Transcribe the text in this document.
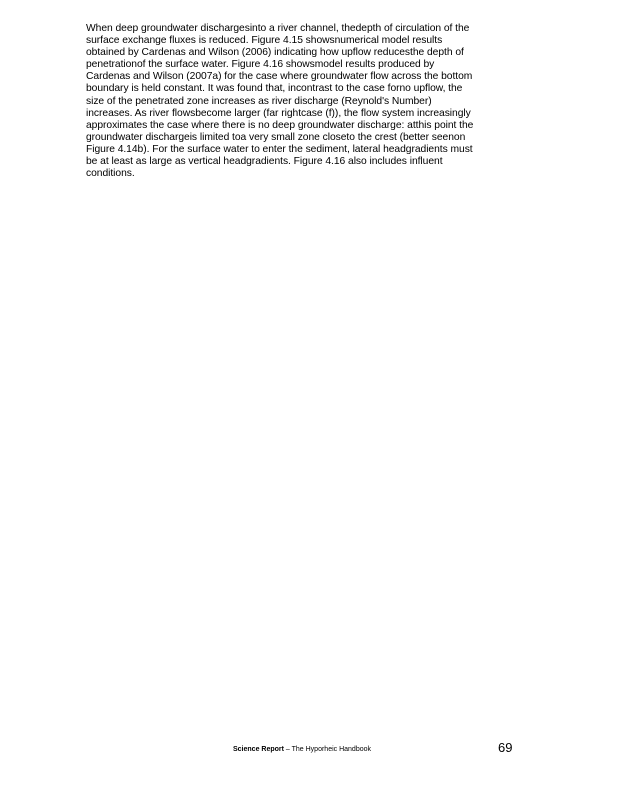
When deep groundwater dischargesinto a river channel, thedepth of circulation of the
surface exchange fluxes is reduced. Figure 4.15 showsnumerical model results
obtained by Cardenas and Wilson (2006) indicating how upflow reducesthe depth of
penetrationof the surface water. Figure 4.16 showsmodel results produced by
Cardenas and Wilson (2007a) for the case where groundwater flow across the bottom
boundary is held constant. It was found that, incontrast to the case forno upflow, the
size of the penetrated zone increases as river discharge (Reynold's Number)
increases. As river flowsbecome larger (far rightcase (f)), the flow system increasingly
approximates the case where there is no deep groundwater discharge: atthis point the
groundwater dischargeis limited toa very small zone closeto the crest (better seenon
Figure 4.14b). For the surface water to enter the sediment, lateral headgradients must
be at least as large as vertical headgradients. Figure 4.16 also includes influent
conditions.
Science Report – The Hyporheic Handbook	69
